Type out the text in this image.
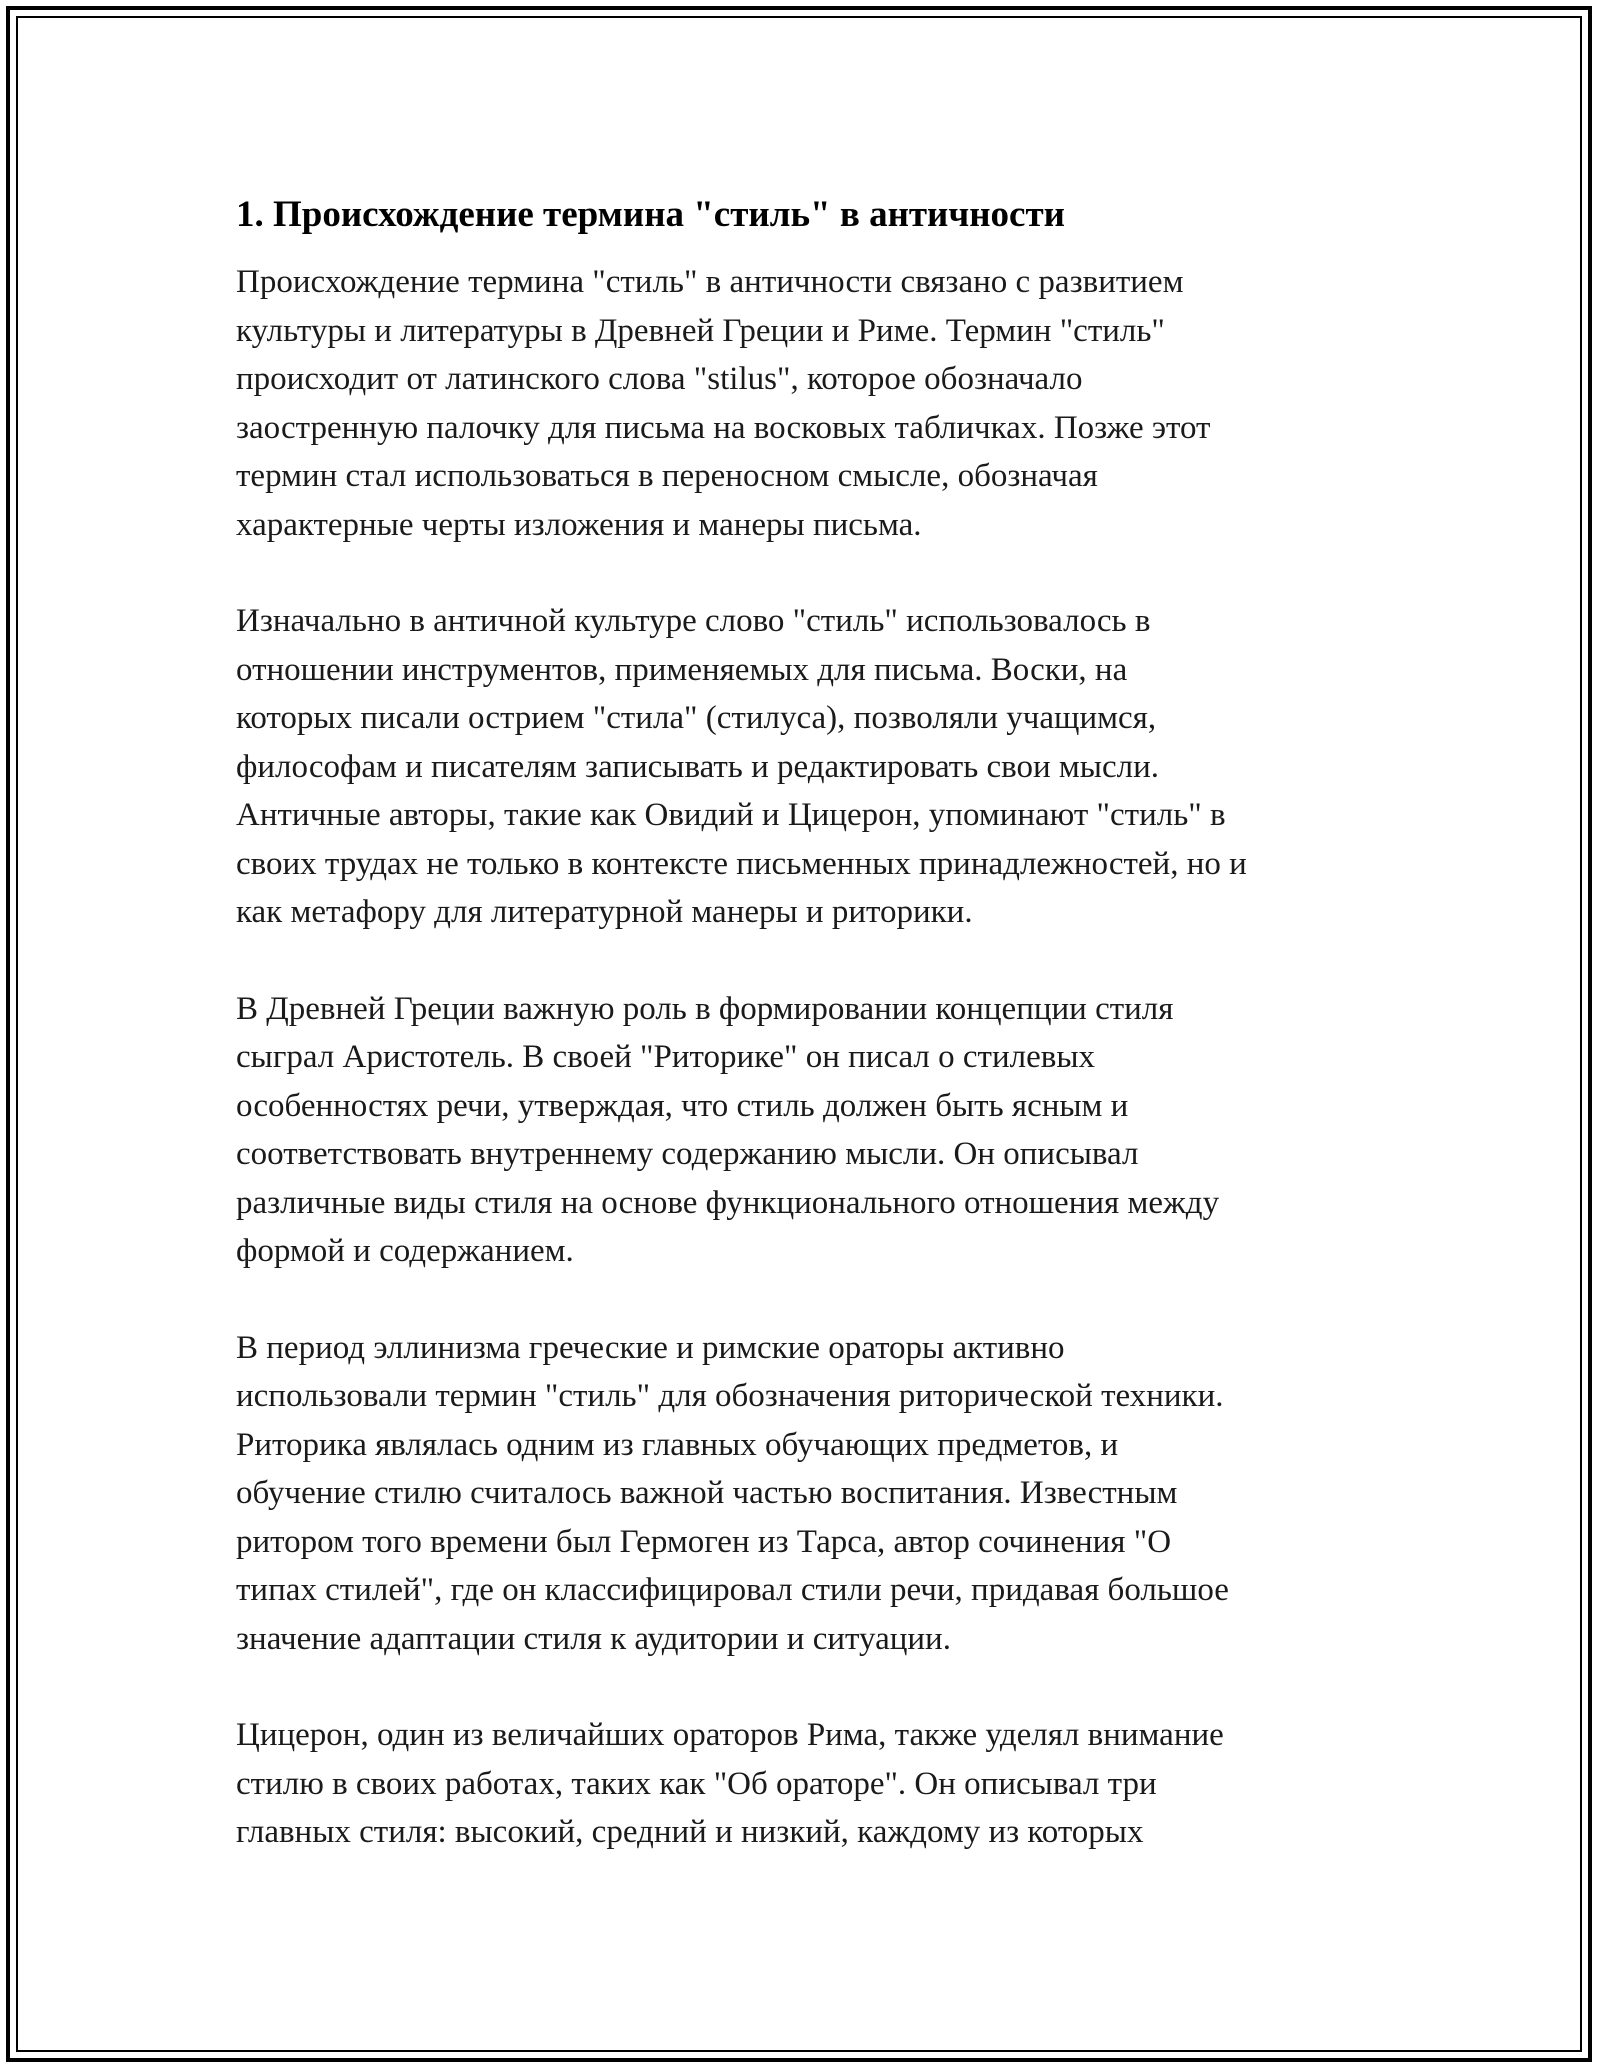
1. Происхождение термина "стиль" в античности

Происхождение термина "стиль" в античности связано с развитием
культуры и литературы в Древней Греции и Риме. Термин "стиль"
происходит от латинского слова "stilus", которое обозначало
заостренную палочку для письма на восковых табличках. Позже этот
термин стал использоваться в переносном смысле, обозначая
характерные черты изложения и манеры письма.

Изначально в античной культуре слово "стиль" использовалось в
отношении инструментов, применяемых для письма. Воски, на
которых писали острием "стила" (стилуса), позволяли учащимся,
философам и писателям записывать и редактировать свои мысли.
Античные авторы, такие как Овидий и Цицерон, упоминают "стиль" в
своих трудах не только в контексте письменных принадлежностей, но и
как метафору для литературной манеры и риторики.

В Древней Греции важную роль в формировании концепции стиля
сыграл Аристотель. В своей "Риторике" он писал о стилевых
особенностях речи, утверждая, что стиль должен быть ясным и
соответствовать внутреннему содержанию мысли. Он описывал
различные виды стиля на основе функционального отношения между
формой и содержанием.

В период эллинизма греческие и римские ораторы активно
использовали термин "стиль" для обозначения риторической техники.
Риторика являлась одним из главных обучающих предметов, и
обучение стилю считалось важной частью воспитания. Известным
ритором того времени был Гермоген из Тарса, автор сочинения "О
типах стилей", где он классифицировал стили речи, придавая большое
значение адаптации стиля к аудитории и ситуации.

Цицерон, один из величайших ораторов Рима, также уделял внимание
стилю в своих работах, таких как "Об ораторе". Он описывал три
главных стиля: высокий, средний и низкий, каждому из которых
